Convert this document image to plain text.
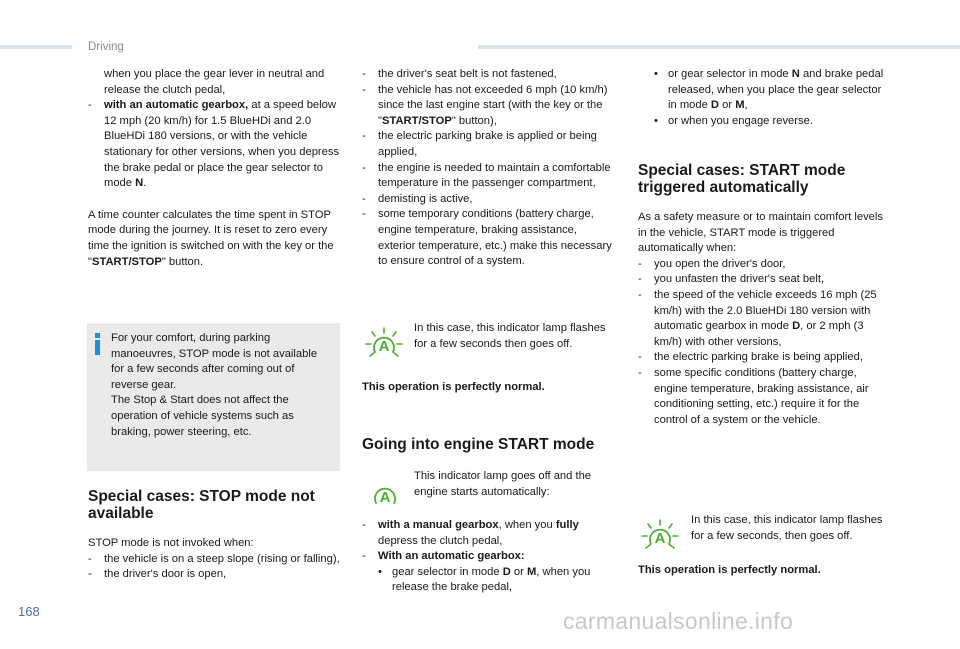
Driving

when you place the gear lever in neutral and release the clutch pedal,

- with an automatic gearbox, at a speed below 12 mph (20 km/h) for 1.5 BlueHDi and 2.0 BlueHDi 180 versions, or with the vehicle stationary for other versions, when you depress the brake pedal or place the gear selector to mode N.

A time counter calculates the time spent in STOP mode during the journey. It is reset to zero every time the ignition is switched on with the key or the "START/STOP" button.

For your comfort, during parking manoeuvres, STOP mode is not available for a few seconds after coming out of reverse gear.

The Stop & Start does not affect the operation of vehicle systems such as braking, power steering, etc.

Special cases: STOP mode not available

STOP mode is not invoked when:

- the vehicle is on a steep slope (rising or falling),

- the driver's door is open,

- the driver's seat belt is not fastened,

- the vehicle has not exceeded 6 mph (10 km/h) since the last engine start (with the key or the "START/STOP" button),

- the electric parking brake is applied or being applied,

- the engine is needed to maintain a comfortable temperature in the passenger compartment,

- demisting is active,

- some temporary conditions (battery charge, engine temperature, braking assistance, exterior temperature, etc.) make this necessary to ensure control of a system.

A

In this case, this indicator lamp flashes for a few seconds then goes off.

This operation is perfectly normal.

Going into engine START mode
A

This indicator lamp goes off and the engine starts automatically:

- with a manual gearbox, when you fully depress the clutch pedal,

- With an automatic gearbox:

• gear selector in mode D or M, when you release the brake pedal,

• or gear selector in mode N and brake pedal released, when you place the gear selector in mode D or M,

• or when you engage reverse.

Special cases: START mode triggered automatically

As a safety measure or to maintain comfort levels in the vehicle, START mode is triggered automatically when:

- you open the driver's door,

- you unfasten the driver's seat belt,

- the speed of the vehicle exceeds 16 mph (25 km/h) with the 2.0 BlueHDi 180 version with automatic gearbox in mode D, or 2 mph (3 km/h) with other versions,

- the electric parking brake is being applied,

- some specific conditions (battery charge, engine temperature, braking assistance, air conditioning setting, etc.) require it for the control of a system or the vehicle.

A

In this case, this indicator lamp flashes for a few seconds, then goes off.

This operation is perfectly normal.

168	carmanualsonline.info
